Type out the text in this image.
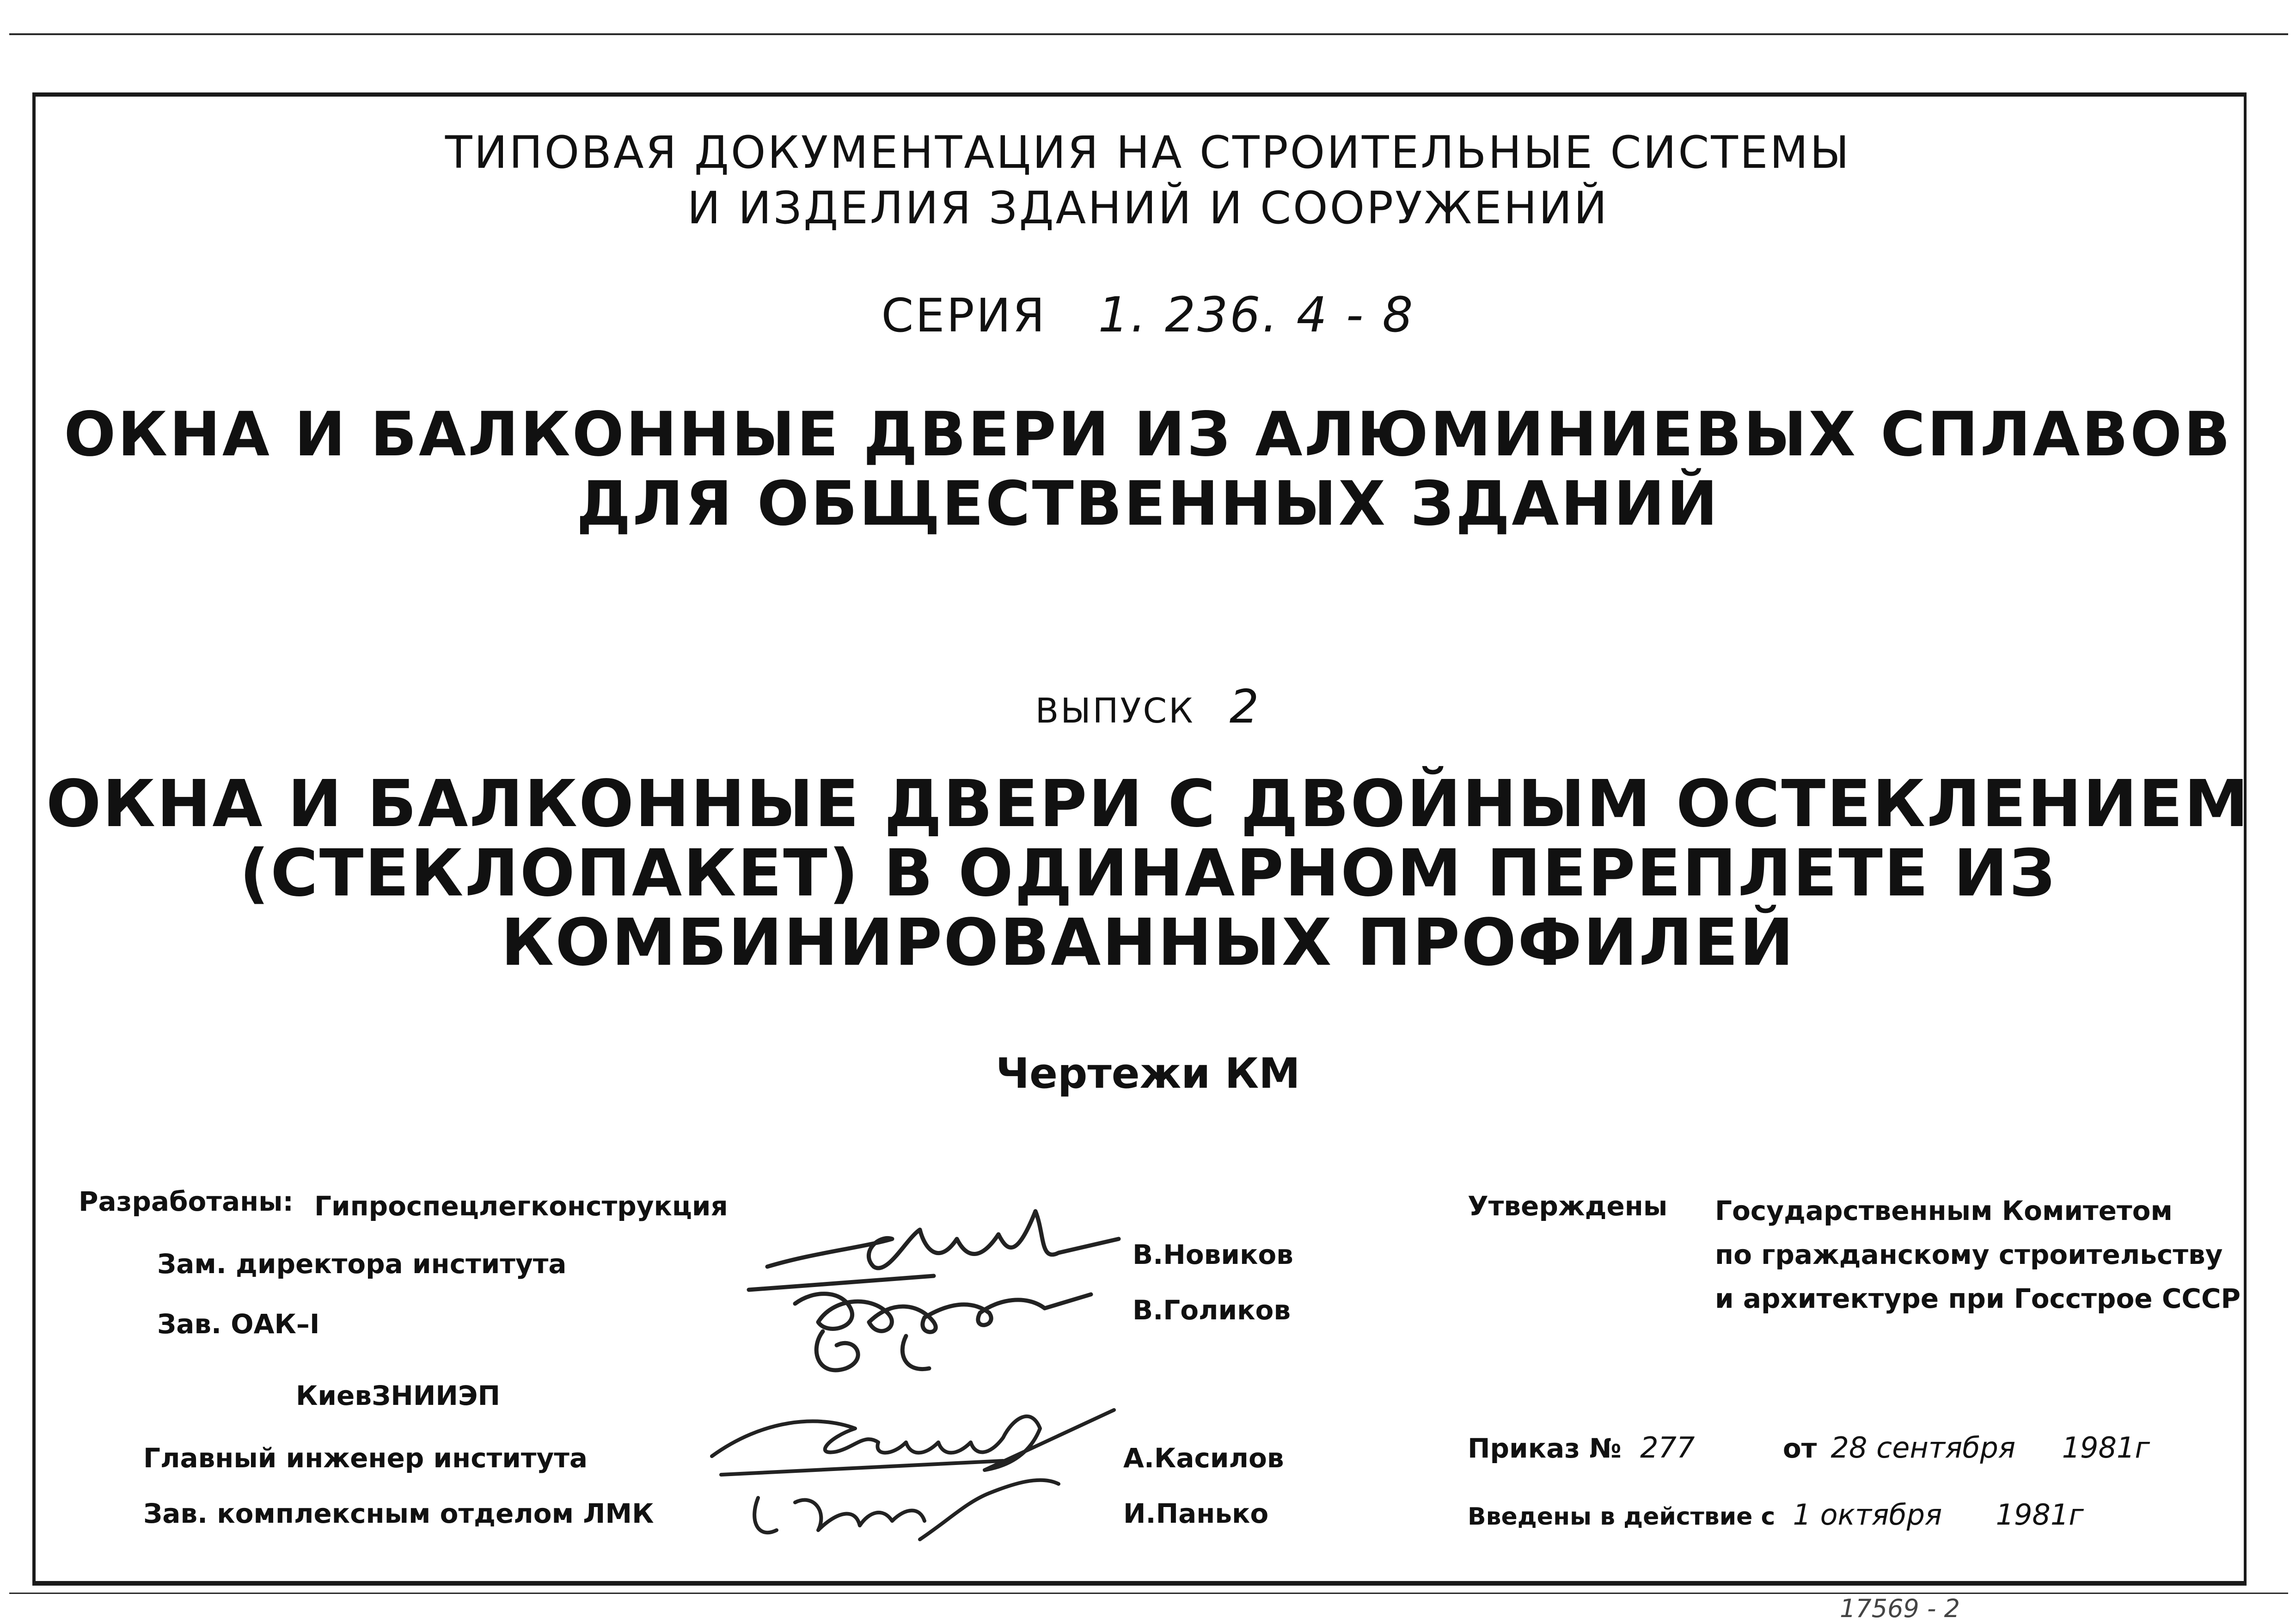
ТИПОВАЯ ДОКУМЕНТАЦИЯ НА СТРОИТЕЛЬНЫЕ СИСТЕМЫ
И ИЗДЕЛИЯ ЗДАНИЙ И СООРУЖЕНИЙ
СЕРИЯ 1. 236. 4 - 8
ОКНА И БАЛКОННЫЕ ДВЕРИ ИЗ АЛЮМИНИЕВЫХ СПЛАВОВ
ДЛЯ ОБЩЕСТВЕННЫХ ЗДАНИЙ
ВЫПУСК 2
ОКНА И БАЛКОННЫЕ ДВЕРИ С ДВОЙНЫМ ОСТЕКЛЕНИЕМ
(СТЕКЛОПАКЕТ) В ОДИНАРНОМ ПЕРЕПЛЕТЕ ИЗ
КОМБИНИРОВАННЫХ ПРОФИЛЕЙ
Чертежи КМ
Разработаны: Гипроспецлегконструкция
Зам. директора института
Зав. ОАК–I
В.Новиков
В.Голиков
КиевЗНИИЭП
Главный инженер института
Зав. комплексным отделом ЛМК
А.Касилов
И.Панько
Утверждены Государственным Комитетом
по гражданскому строительству
и архитектуре при Госстрое СССР
Приказ № 277	от 28 сентября 1981г
Введены в действие с 1 октября 1981г
17569 - 2
